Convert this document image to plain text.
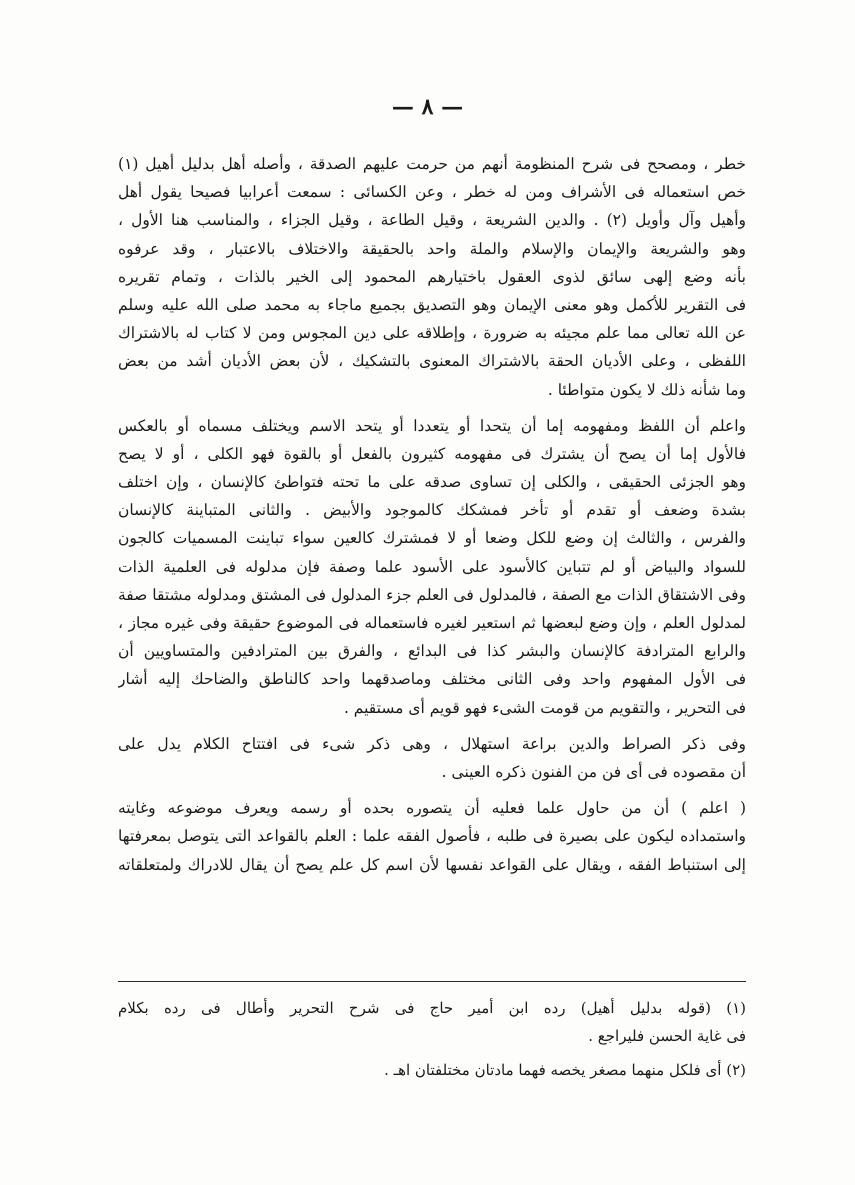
— ٨ —
خطر ، ومصحح فى شرح المنظومة أنهم من حرمت عليهم الصدقة ، وأصله أهل بدليل أهيل (١)
خص استعماله فى الأشراف ومن له خطر ، وعن الكسائى : سمعت أعرابيا فصيحا يقول أهل
وأهيل وآل وأويل (٢) . والدين الشريعة ، وقيل الطاعة ، وقيل الجزاء ، والمناسب هنا الأول ،
وهو والشريعة والإيمان والإسلام والملة واحد بالحقيقة والاختلاف بالاعتبار ، وقد عرفوه
بأنه وضع إلهى سائق لذوى العقول باختيارهم المحمود إلى الخير بالذات ، وتمام تقريره
فى التقرير للأكمل وهو معنى الإيمان وهو التصديق بجميع ماجاء به محمد صلى الله عليه وسلم
عن الله تعالى مما علم مجيئه به ضرورة ، وإطلاقه على دين المجوس ومن لا كتاب له بالاشتراك
اللفظى ، وعلى الأديان الحقة بالاشتراك المعنوى بالتشكيك ، لأن بعض الأديان أشد من بعض
وما شأنه ذلك لا يكون متواطئا .
واعلم أن اللفظ ومفهومه إما أن يتحدا أو يتعددا أو يتحد الاسم ويختلف مسماه أو بالعكس
فالأول إما أن يصح أن يشترك فى مفهومه كثيرون بالفعل أو بالقوة فهو الكلى ، أو لا يصح
وهو الجزئى الحقيقى ، والكلى إن تساوى صدقه على ما تحته فتواطئ كالإنسان ، وإن اختلف
بشدة وضعف أو تقدم أو تأخر فمشكك كالموجود والأبيض . والثانى المتباينة كالإنسان
والفرس ، والثالث إن وضع للكل وضعا أو لا فمشترك كالعين سواء تباينت المسميات كالجون
للسواد والبياض أو لم تتباين كالأسود على الأسود علما وصفة فإن مدلوله فى العلمية الذات
وفى الاشتقاق الذات مع الصفة ، فالمدلول فى العلم جزء المدلول فى المشتق ومدلوله مشتقا صفة
لمدلول العلم ، وإن وضع لبعضها ثم استعير لغيره فاستعماله فى الموضوع حقيقة وفى غيره مجاز ،
والرابع المترادفة كالإنسان والبشر كذا فى البدائع ، والفرق بين المترادفين والمتساويين أن
فى الأول المفهوم واحد وفى الثانى مختلف وماصدقهما واحد كالناطق والضاحك إليه أشار
فى التحرير ، والتقويم من قومت الشىء فهو قويم أى مستقيم .
وفى ذكر الصراط والدين براعة استهلال ، وهى ذكر شىء فى افتتاح الكلام يدل على
أن مقصوده فى أى فن من الفنون ذكره العينى .
( اعلم ) أن من حاول علما فعليه أن يتصوره بحده أو رسمه ويعرف موضوعه وغايته
واستمداده ليكون على بصيرة فى طلبه ، فأصول الفقه علما : العلم بالقواعد التى يتوصل بمعرفتها
إلى استنباط الفقه ، ويقال على القواعد نفسها لأن اسم كل علم يصح أن يقال للادراك ولمتعلقاته
(١) (قوله بدليل أهيل) رده ابن أمير حاج فى شرح التحرير وأطال فى رده بكلام
فى غاية الحسن فليراجع .
(٢) أى فلكل منهما مصغر يخصه فهما مادتان مختلفتان اهـ .
